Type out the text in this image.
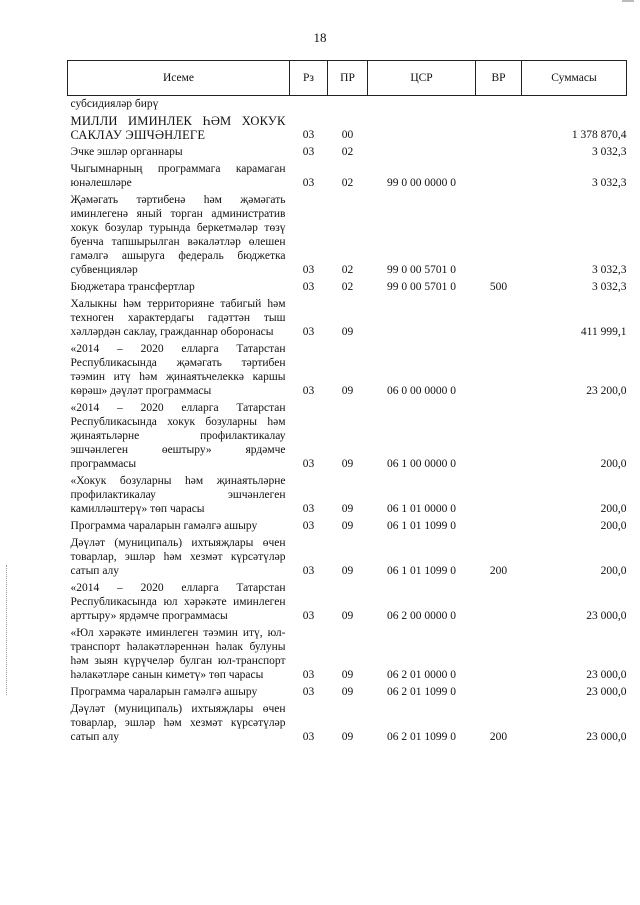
18
Исеме	Рз	ПР	ЦСР	ВР	Суммасы
субсидияләр бирү					
МИЛЛИ ИМИНЛЕК ҺӘМ ХОКУК САКЛАУ ЭШЧӘНЛЕГЕ	03	00			1 378 870,4
Эчке эшләр органнары	03	02			3 032,3
Чыгымнарның программага карамаган юнәлешләре	03	02	99 0 00 0000 0		3 032,3
Җәмәгать тәртибенә һәм җәмәгать иминлегенә яный торган административ хокук бозулар турында беркетмәләр төзү буенча тапшырылган вәкаләтләр өлешен гамәлгә ашыруга федераль бюджетка субвенцияләр	03	02	99 0 00 5701 0		3 032,3
Бюджетара трансфертлар	03	02	99 0 00 5701 0	500	3 032,3
Халыкны һәм территорияне табигый һәм техноген характердагы гадәттән тыш хәлләрдән саклау, гражданнар оборонасы	03	09			411 999,1
«2014 – 2020 елларга Татарстан Республикасында җәмәгать тәртибен тәэмин итү һәм җинаятьчелеккә каршы көрәш» дәүләт программасы	03	09	06 0 00 0000 0		23 200,0
«2014 – 2020 елларга Татарстан Республикасында хокук бозуларны һәм җинаятьләрне профилактикалау эшчәнлеген өештыру» ярдәмче программасы	03	09	06 1 00 0000 0		200,0
«Хокук бозуларны һәм җинаятьләрне профилактикалау эшчәнлеген камилләштерү» төп чарасы	03	09	06 1 01 0000 0		200,0
Программа чараларын гамәлгә ашыру	03	09	06 1 01 1099 0		200,0
Дәүләт (муниципаль) ихтыяҗлары өчен товарлар, эшләр һәм хезмәт күрсәтүләр сатып алу	03	09	06 1 01 1099 0	200	200,0
«2014 – 2020 елларга Татарстан Республикасында юл хәрәкәте иминлеген арттыру» ярдәмче программасы	03	09	06 2 00 0000 0		23 000,0
«Юл хәрәкәте иминлеген тәэмин итү, юл-транспорт һәлакәтләреннән һәлак булуны һәм зыян күрүчеләр булган юл-транспорт һәлакәтләре санын киметү» төп чарасы	03	09	06 2 01 0000 0		23 000,0
Программа чараларын гамәлгә ашыру	03	09	06 2 01 1099 0		23 000,0
Дәүләт (муниципаль) ихтыяҗлары өчен товарлар, эшләр һәм хезмәт күрсәтүләр сатып алу	03	09	06 2 01 1099 0	200	23 000,0
